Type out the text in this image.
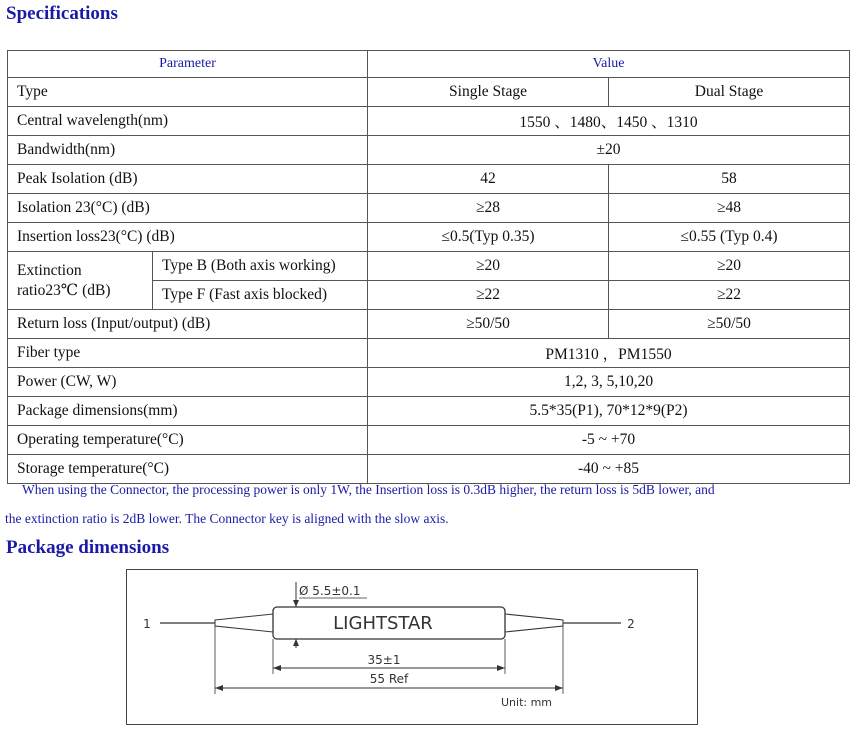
Specifications
Parameter		Value	
Type		Single Stage	Dual Stage
Central wavelength(nm)		1550 、1480、1450 、1310	
Bandwidth(nm)		±20	
Peak Isolation (dB)		42	58
Isolation 23(°C) (dB)		≥28	≥48
Insertion loss23(°C) (dB)		≤0.5(Typ 0.35)	≤0.55 (Typ 0.4)
Extinction
ratio23℃ (dB)	Type B (Both axis working)	≥20	≥20
	Type F (Fast axis blocked)	≥22	≥22
Return loss (Input/output) (dB)		≥50/50	≥50/50
Fiber type		PM1310 ，PM1550	
Power (CW, W)		1,2, 3, 5,10,20	
Package dimensions(mm)		5.5*35(P1), 70*12*9(P2)	
Operating temperature(°C)		-5 ~ +70	
Storage temperature(°C)		-40 ~ +85	

When using the Connector, the processing power is only 1W, the Insertion loss is 0.3dB higher, the return loss is 5dB lower, and

the extinction ratio is 2dB lower. The Connector key is aligned with the slow axis.

Package dimensions
Ø 5.5±0.1
LIGHTSTAR
1	2
35±1
55 Ref
Unit: mm
